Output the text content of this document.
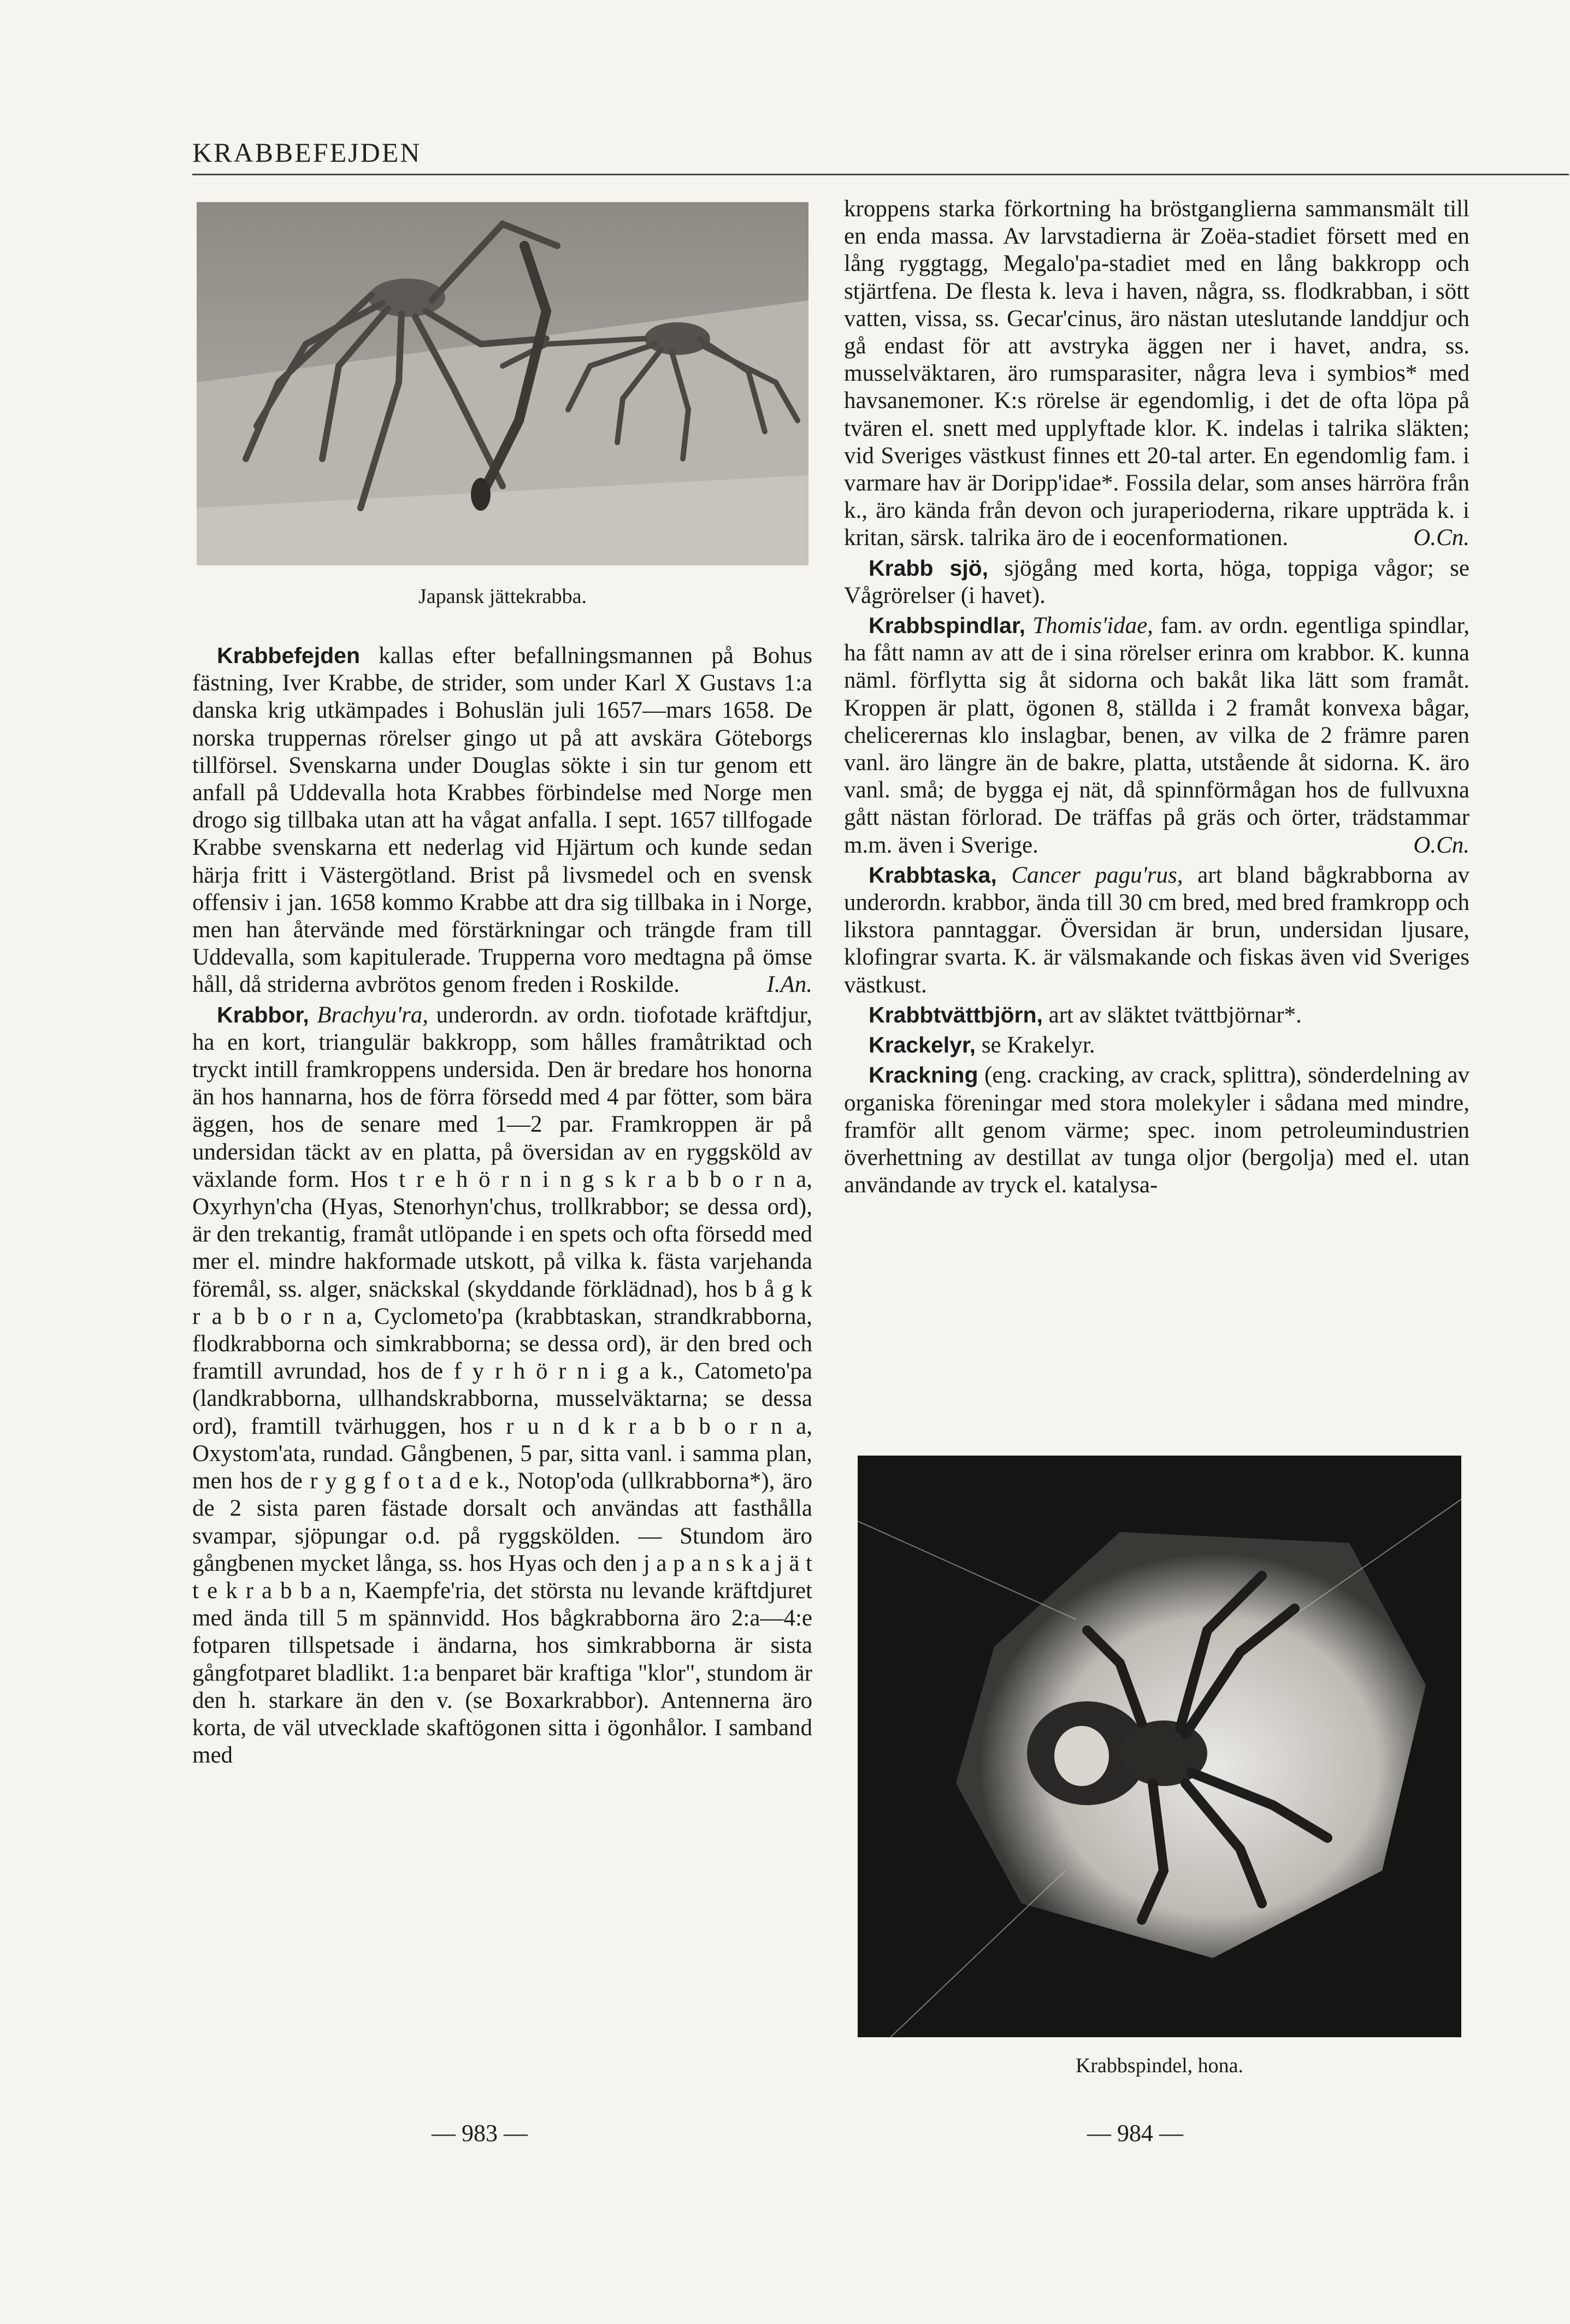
KRABBEFEJDEN
Japansk jättekrabba.

Krabbefejden kallas efter befallningsmannen på Bohus fästning, Iver Krabbe, de strider, som under Karl X Gustavs 1:a danska krig utkämpades i Bohuslän juli 1657—mars 1658. De norska truppernas rörelser gingo ut på att avskära Göteborgs tillförsel. Svenskarna under Douglas sökte i sin tur genom ett anfall på Uddevalla hota Krabbes förbindelse med Norge men drogo sig tillbaka utan att ha vågat anfalla. I sept. 1657 tillfogade Krabbe svenskarna ett nederlag vid Hjärtum och kunde sedan härja fritt i Västergötland. Brist på livsmedel och en svensk offensiv i jan. 1658 kommo Krabbe att dra sig tillbaka in i Norge, men han återvände med förstärkningar och trängde fram till Uddevalla, som kapitulerade. Trupperna voro medtagna på ömse håll, då striderna avbrötos genom freden i Roskilde.	I.An.

Krabbor, Brachyu'ra, underordn. av ordn. tiofotade kräftdjur, ha en kort, triangulär bakkropp, som hålles framåtriktad och tryckt intill framkroppens undersida. Den är bredare hos honorna än hos hannarna, hos de förra försedd med 4 par fötter, som bära äggen, hos de senare med 1—2 par. Framkroppen är på undersidan täckt av en platta, på översidan av en ryggsköld av växlande form. Hos t r e h ö r n i n g s k r a b b o r n a, Oxyrhyn'cha (Hyas, Stenorhyn'chus, trollkrabbor; se dessa ord), är den trekantig, framåt utlöpande i en spets och ofta försedd med mer el. mindre hakformade utskott, på vilka k. fästa varjehanda föremål, ss. alger, snäckskal (skyddande förklädnad), hos b å g k r a b b o r n a, Cyclometo'pa (krabbtaskan, strandkrabborna, flodkrabborna och simkrabborna; se dessa ord), är den bred och framtill avrundad, hos de f y r h ö r n i g a k., Catometo'pa (landkrabborna, ullhandskrabborna, musselväktarna; se dessa ord), framtill tvärhuggen, hos r u n d k r a b b o r n a, Oxystom'ata, rundad. Gångbenen, 5 par, sitta vanl. i samma plan, men hos de r y g g f o t a d e k., Notop'oda (ullkrabborna*), äro de 2 sista paren fästade dorsalt och användas att fasthålla svampar, sjöpungar o.d. på ryggskölden. — Stundom äro gångbenen mycket långa, ss. hos Hyas och den j a p a n s k a j ä t t e k r a b b a n, Kaempfe'ria, det största nu levande kräftdjuret med ända till 5 m spännvidd. Hos bågkrabborna äro 2:a—4:e fotparen tillspetsade i ändarna, hos simkrabborna är sista gångfotparet bladlikt. 1:a benparet bär kraftiga "klor", stundom är den h. starkare än den v. (se Boxarkrabbor). Antennerna äro korta, de väl utvecklade skaftögonen sitta i ögonhålor. I samband med

kroppens starka förkortning ha bröstganglierna sammansmält till en enda massa. Av larvstadierna är Zoëa-stadiet försett med en lång ryggtagg, Megalo'pa-stadiet med en lång bakkropp och stjärtfena. De flesta k. leva i haven, några, ss. flodkrabban, i sött vatten, vissa, ss. Gecar'cinus, äro nästan uteslutande landdjur och gå endast för att avstryka äggen ner i havet, andra, ss. musselväktaren, äro rumsparasiter, några leva i symbios* med havsanemoner. K:s rörelse är egendomlig, i det de ofta löpa på tvären el. snett med upplyftade klor. K. indelas i talrika släkten; vid Sveriges västkust finnes ett 20-tal arter. En egendomlig fam. i varmare hav är Doripp'idae*. Fossila delar, som anses härröra från k., äro kända från devon och juraperioderna, rikare uppträda k. i kritan, särsk. talrika äro de i eocenformationen.	O.Cn.

Krabb sjö, sjögång med korta, höga, toppiga vågor; se Vågrörelser (i havet).

Krabbspindlar, Thomis'idae, fam. av ordn. egentliga spindlar, ha fått namn av att de i sina rörelser erinra om krabbor. K. kunna näml. förflytta sig åt sidorna och bakåt lika lätt som framåt. Kroppen är platt, ögonen 8, ställda i 2 framåt konvexa bågar, chelicerernas klo inslagbar, benen, av vilka de 2 främre paren vanl. äro längre än de bakre, platta, utstående åt sidorna. K. äro vanl. små; de bygga ej nät, då spinnförmågan hos de fullvuxna gått nästan förlorad. De träffas på gräs och örter, trädstammar m.m. även i Sverige.	O.Cn.

Krabbtaska, Cancer pagu'rus, art bland bågkrabborna av underordn. krabbor, ända till 30 cm bred, med bred framkropp och likstora panntaggar. Översidan är brun, undersidan ljusare, klofingrar svarta. K. är välsmakande och fiskas även vid Sveriges västkust.

Krabbtvättbjörn, art av släktet tvättbjörnar*.

Krackelyr, se Krakelyr.

Krackning (eng. cracking, av crack, splittra), sönderdelning av organiska föreningar med stora molekyler i sådana med mindre, framför allt genom värme; spec. inom petroleumindustrien överhettning av destillat av tunga oljor (bergolja) med el. utan användande av tryck el. katalysa-

Krabbspindel, hona.
— 983 —	— 984 —
